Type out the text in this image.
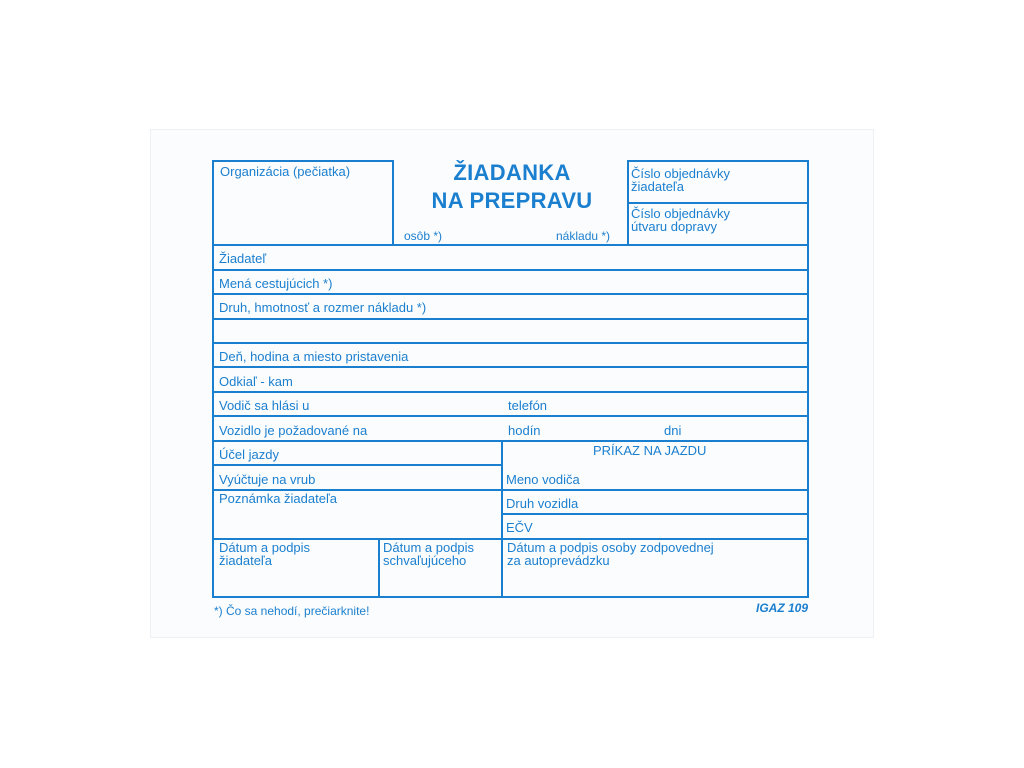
Organizácia (pečiatka)	ŽIADANKA
NA PREPRAVU
osôb *)	nákladu *)
Číslo objednávky
žiadateľa
Číslo objednávky
útvaru dopravy
Žiadateľ
Mená cestujúcich *)
Druh, hmotnosť a rozmer nákladu *)
Deň, hodina a miesto pristavenia
Odkiaľ - kam
Vodič sa hlási u	telefón
Vozidlo je požadované na	hodín	dni
Účel jazdy
Vyúčtuje na vrub
Poznámka žiadateľa
PRÍKAZ NA JAZDU
Meno vodiča
Druh vozidla
EČV
Dátum a podpis
žiadateľa
Dátum a podpis
schvaľujúceho
Dátum a podpis osoby zodpovednej
za autoprevádzku
*) Čo sa nehodí, prečiarknite!	IGAZ 109
